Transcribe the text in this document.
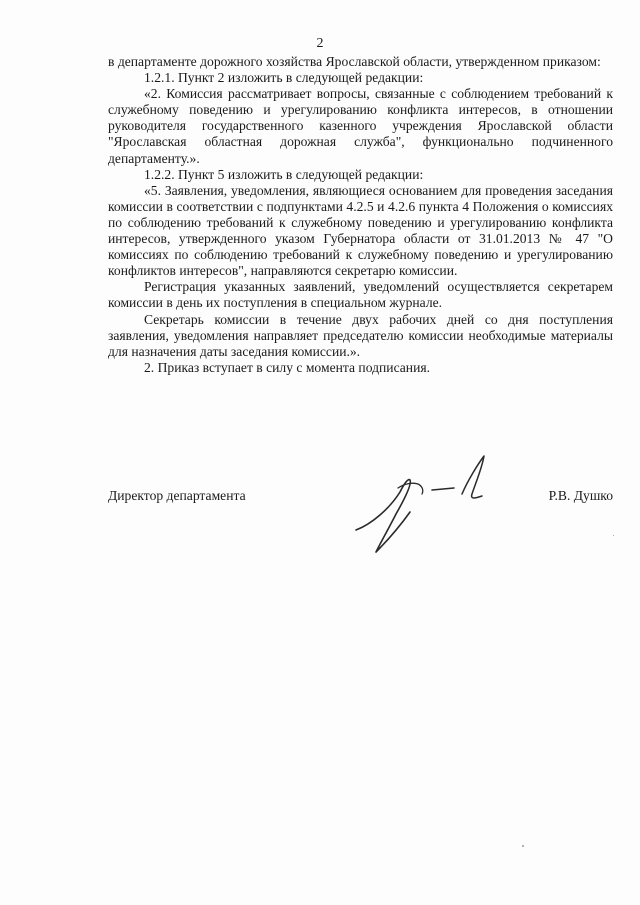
2

в департаменте дорожного хозяйства Ярославской области, утвержденном приказом:

1.2.1. Пункт 2 изложить в следующей редакции:

«2. Комиссия рассматривает вопросы, связанные с соблюдением требований к служебному поведению и урегулированию конфликта интересов, в отношении руководителя государственного казенного учреждения Ярославской области "Ярославская областная дорожная служба", функционально подчиненного департаменту.».

1.2.2. Пункт 5 изложить в следующей редакции:

«5. Заявления, уведомления, являющиеся основанием для проведения заседания комиссии в соответствии с подпунктами 4.2.5 и 4.2.6 пункта 4 Положения о комиссиях по соблюдению требований к служебному поведению и урегулированию конфликта интересов, утвержденного указом Губернатора области от 31.01.2013 № 47 "О комиссиях по соблюдению требований к служебному поведению и урегулированию конфликтов интересов", направляются секретарю комиссии.

Регистрация указанных заявлений, уведомлений осуществляется секретарем комиссии в день их поступления в специальном журнале.

Секретарь комиссии в течение двух рабочих дней со дня поступления заявления, уведомления направляет председателю комиссии необходимые материалы для назначения даты заседания комиссии.».

2. Приказ вступает в силу с момента подписания.

Директор департамента	Р.В. Душко
